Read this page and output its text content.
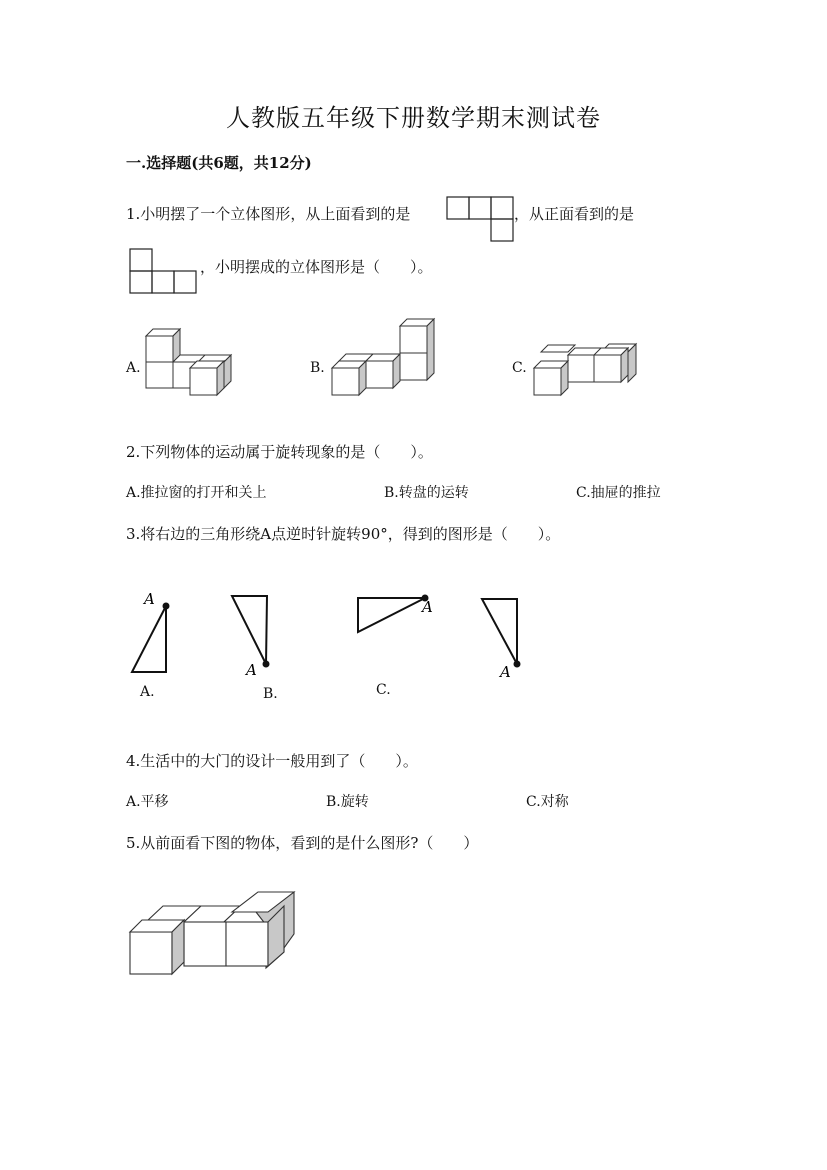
人教版五年级下册数学期末测试卷
一.选择题(共6题，共12分)
1.小明摆了一个立体图形，从上面看到的是	，从正面看到的是
，小明摆成的立体图形是（　　）。
A.	B.	C.
2.下列物体的运动属于旋转现象的是（　　）。
A.推拉窗的打开和关上	B.转盘的运转	C.抽屉的推拉
3.将右边的三角形绕A点逆时针旋转90°，得到的图形是（　　）。
A
A.
A
B.
A
C.
A
4.生活中的大门的设计一般用到了（　　）。
A.平移	B.旋转	C.对称
5.从前面看下图的物体，看到的是什么图形?（　　）
